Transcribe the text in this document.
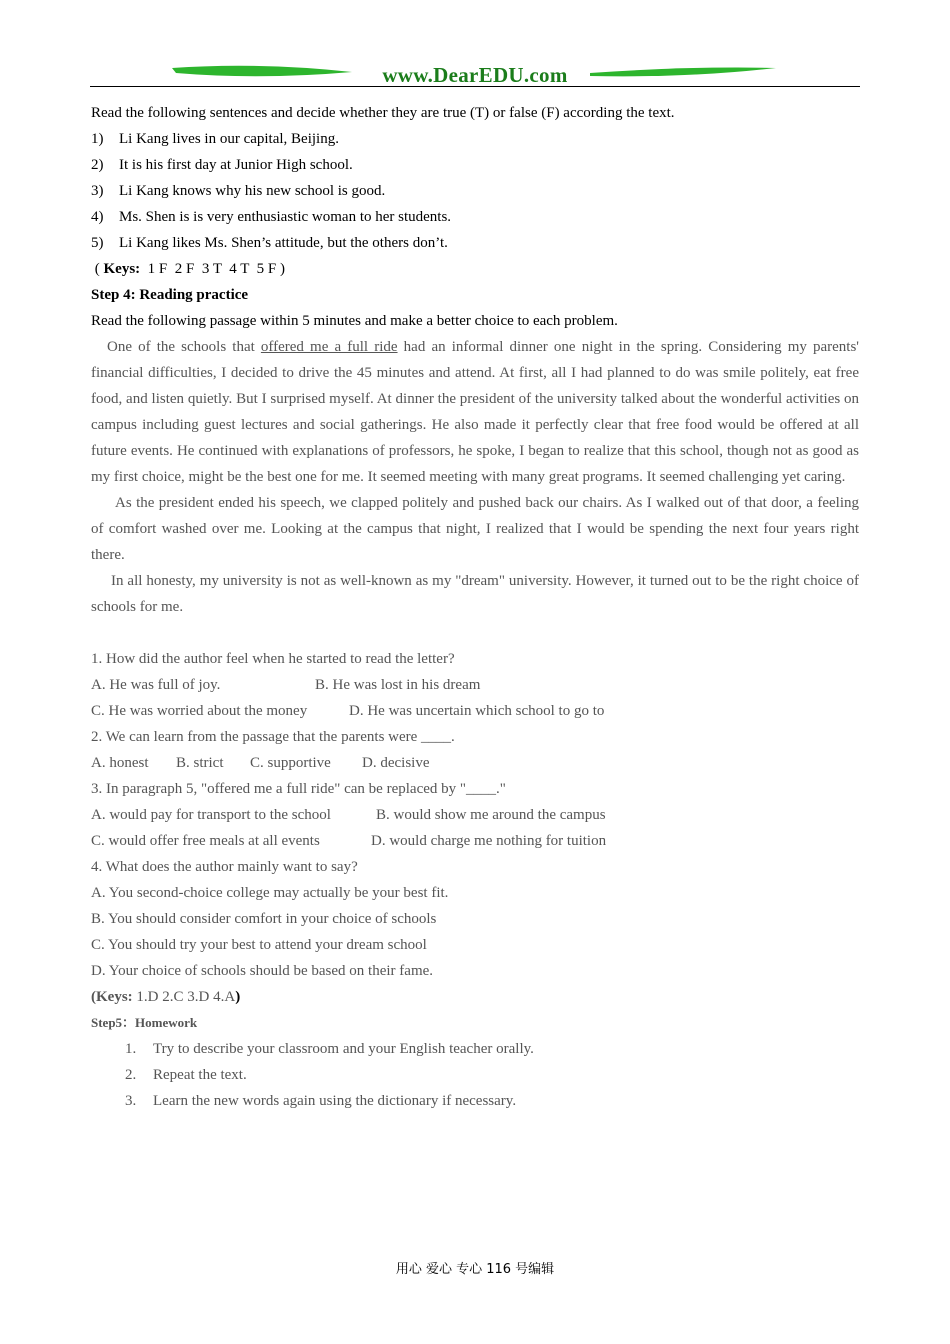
www.DearEDU.com

Read the following sentences and decide whether they are true (T) or false (F) according the text.

1)	Li Kang lives in our capital, Beijing.
2)	It is his first day at Junior High school.
3)	Li Kang knows why his new school is good.
4)	Ms. Shen is is very enthusiastic woman to her students.
5)	Li Kang likes Ms. Shen’s attitude, but the others don’t.

( Keys:  1 F  2 F  3 T  4 T  5 F )

Step 4: Reading practice

Read the following passage within 5 minutes and make a better choice to each problem.

One of the schools that offered me a full ride had an informal dinner one night in the spring. Considering my parents' financial difficulties, I decided to drive the 45 minutes and attend. At first, all I had planned to do was smile politely, eat free food, and listen quietly. But I surprised myself. At dinner the president of the university talked about the wonderful activities on campus including guest lectures and social gatherings. He also made it perfectly clear that free food would be offered at all future events. He continued with explanations of professors, he spoke, I began to realize that this school, though not as good as my first choice, might be the best one for me. It seemed meeting with many great programs. It seemed challenging yet caring.

As the president ended his speech, we clapped politely and pushed back our chairs. As I walked out of that door, a feeling of comfort washed over me. Looking at the campus that night, I realized that I would be spending the next four years right there.

In all honesty, my university is not as well-known as my "dream" university. However, it turned out to be the right choice of schools for me.

1. How did the author feel when he started to read the letter?

A. He was full of joy.	B. He was lost in his dream

C. He was worried about the money	D. He was uncertain which school to go to

2. We can learn from the passage that the parents were ____.

A. honest B. strict C. supportive D. decisive

3. In paragraph 5, "offered me a full ride" can be replaced by "____."

A. would pay for transport to the school	B. would show me around the campus

C. would offer free meals at all events	D. would charge me nothing for tuition

4. What does the author mainly want to say?

A. You second-choice college may actually be your best fit.

B. You should consider comfort in your choice of schools

C. You should try your best to attend your dream school

D. Your choice of schools should be based on their fame.

(Keys: 1.D 2.C 3.D 4.A)

Step5：Homework

1.	Try to describe your classroom and your English teacher orally.
2.	Repeat the text.
3.	Learn the new words again using the dictionary if necessary.
用心 爱心 专心 116 号编辑
